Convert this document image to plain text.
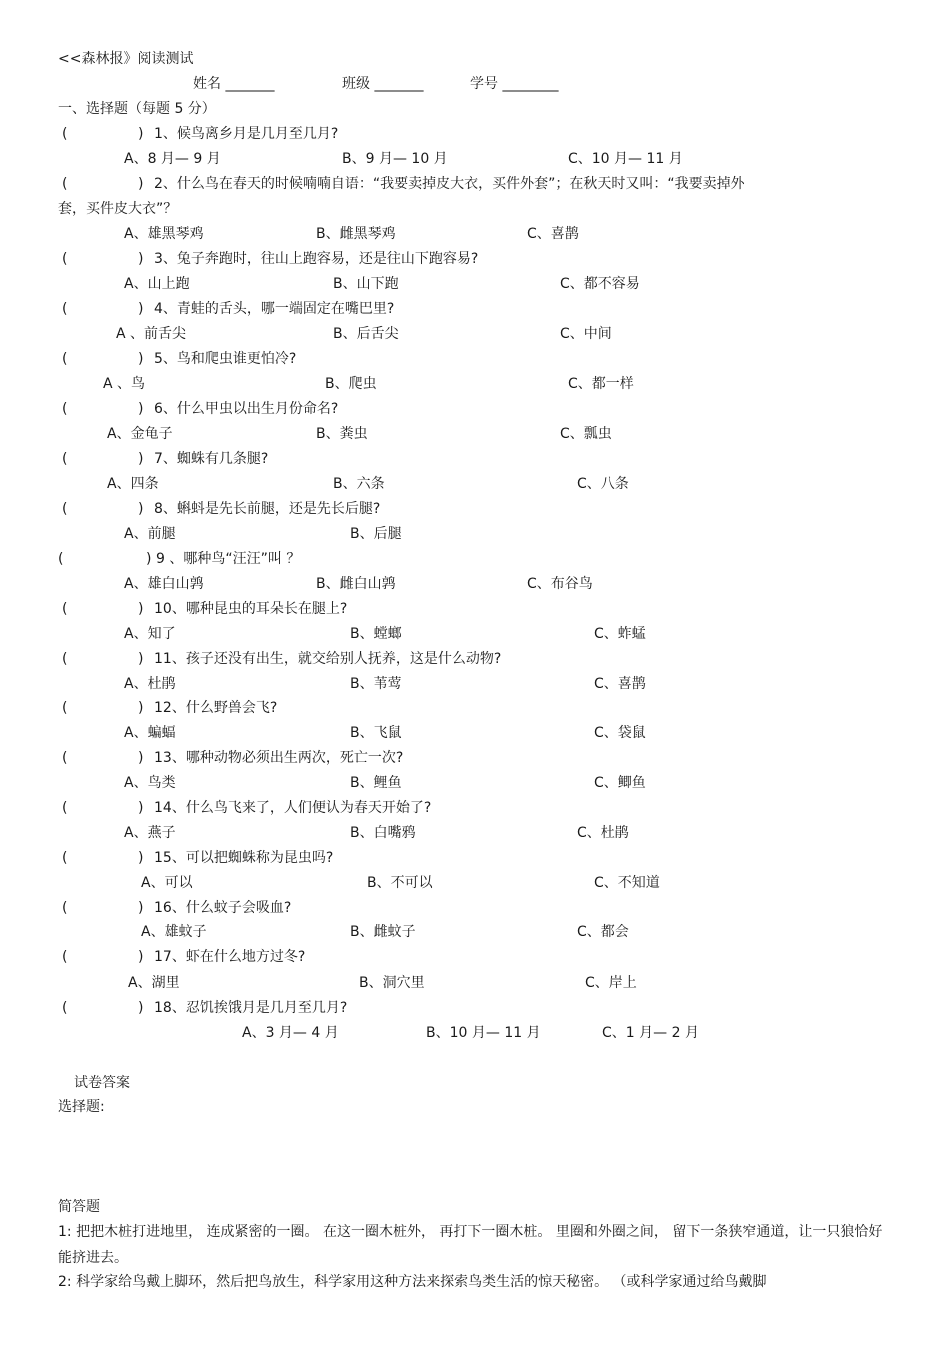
<<森林报》阅读测试
姓名 _______	班级 _______	学号 ________
一、选择题（每题 5 分）
(	) 1、候鸟离乡月是几月至几月?
A、8 月— 9 月	B、9 月— 10 月	C、10 月— 11 月
(	) 2、什么鸟在春天的时候喃喃自语：“我要卖掉皮大衣，买件外套”；在秋天时又叫：“我要卖掉外
套，买件皮大衣”？
A、雄黑琴鸡	B、雌黑琴鸡	C、喜鹊
(	) 3、兔子奔跑时，往山上跑容易，还是往山下跑容易?
A、山上跑	B、山下跑	C、都不容易
(	) 4、青蛙的舌头，哪一端固定在嘴巴里?
A 、前舌尖	B、后舌尖	C、中间
(	) 5、鸟和爬虫谁更怕冷?
A 、鸟	B、爬虫	C、都一样
(	) 6、什么甲虫以出生月份命名?
A、金龟子	B、粪虫	C、瓢虫
(	) 7、蜘蛛有几条腿?
A、四条	B、六条	C、八条
(	) 8、蝌蚪是先长前腿，还是先长后腿?
A、前腿	B、后腿
(	) 9 、哪种鸟“汪汪”叫 ？
A、雄白山鹑	B、雌白山鹑	C、布谷鸟
(	) 10、哪种昆虫的耳朵长在腿上?
A、知了	B、螳螂	C、蚱蜢
(	) 11、孩子还没有出生，就交给别人抚养，这是什么动物?
A、杜鹃	B、苇莺	C、喜鹊
(	) 12、什么野兽会飞?
A、蝙蝠	B、飞鼠	C、袋鼠
(	) 13、哪种动物必须出生两次，死亡一次?
A、鸟类	B、鲤鱼	C、鲫鱼
(	) 14、什么鸟飞来了，人们便认为春天开始了?
A、燕子	B、白嘴鸦	C、杜鹃
(	) 15、可以把蜘蛛称为昆虫吗?
A、可以	B、不可以	C、不知道
(	) 16、什么蚊子会吸血?
A、雄蚊子	B、雌蚊子	C、都会
(	) 17、虾在什么地方过冬?
A、湖里	B、洞穴里	C、岸上
(	) 18、忍饥挨饿月是几月至几月?
A、3 月— 4 月	B、10 月— 11 月	C、1 月— 2 月
试卷答案
选择题:
简答题
1: 把把木桩打进地里， 连成紧密的一圈。 在这一圈木桩外， 再打下一圈木桩。 里圈和外圈之间， 留下一条狭窄通道，让一只狼恰好能挤进去。
2: 科学家给鸟戴上脚环，然后把鸟放生，科学家用这种方法来探索鸟类生活的惊天秘密。 （或科学家通过给鸟戴脚
